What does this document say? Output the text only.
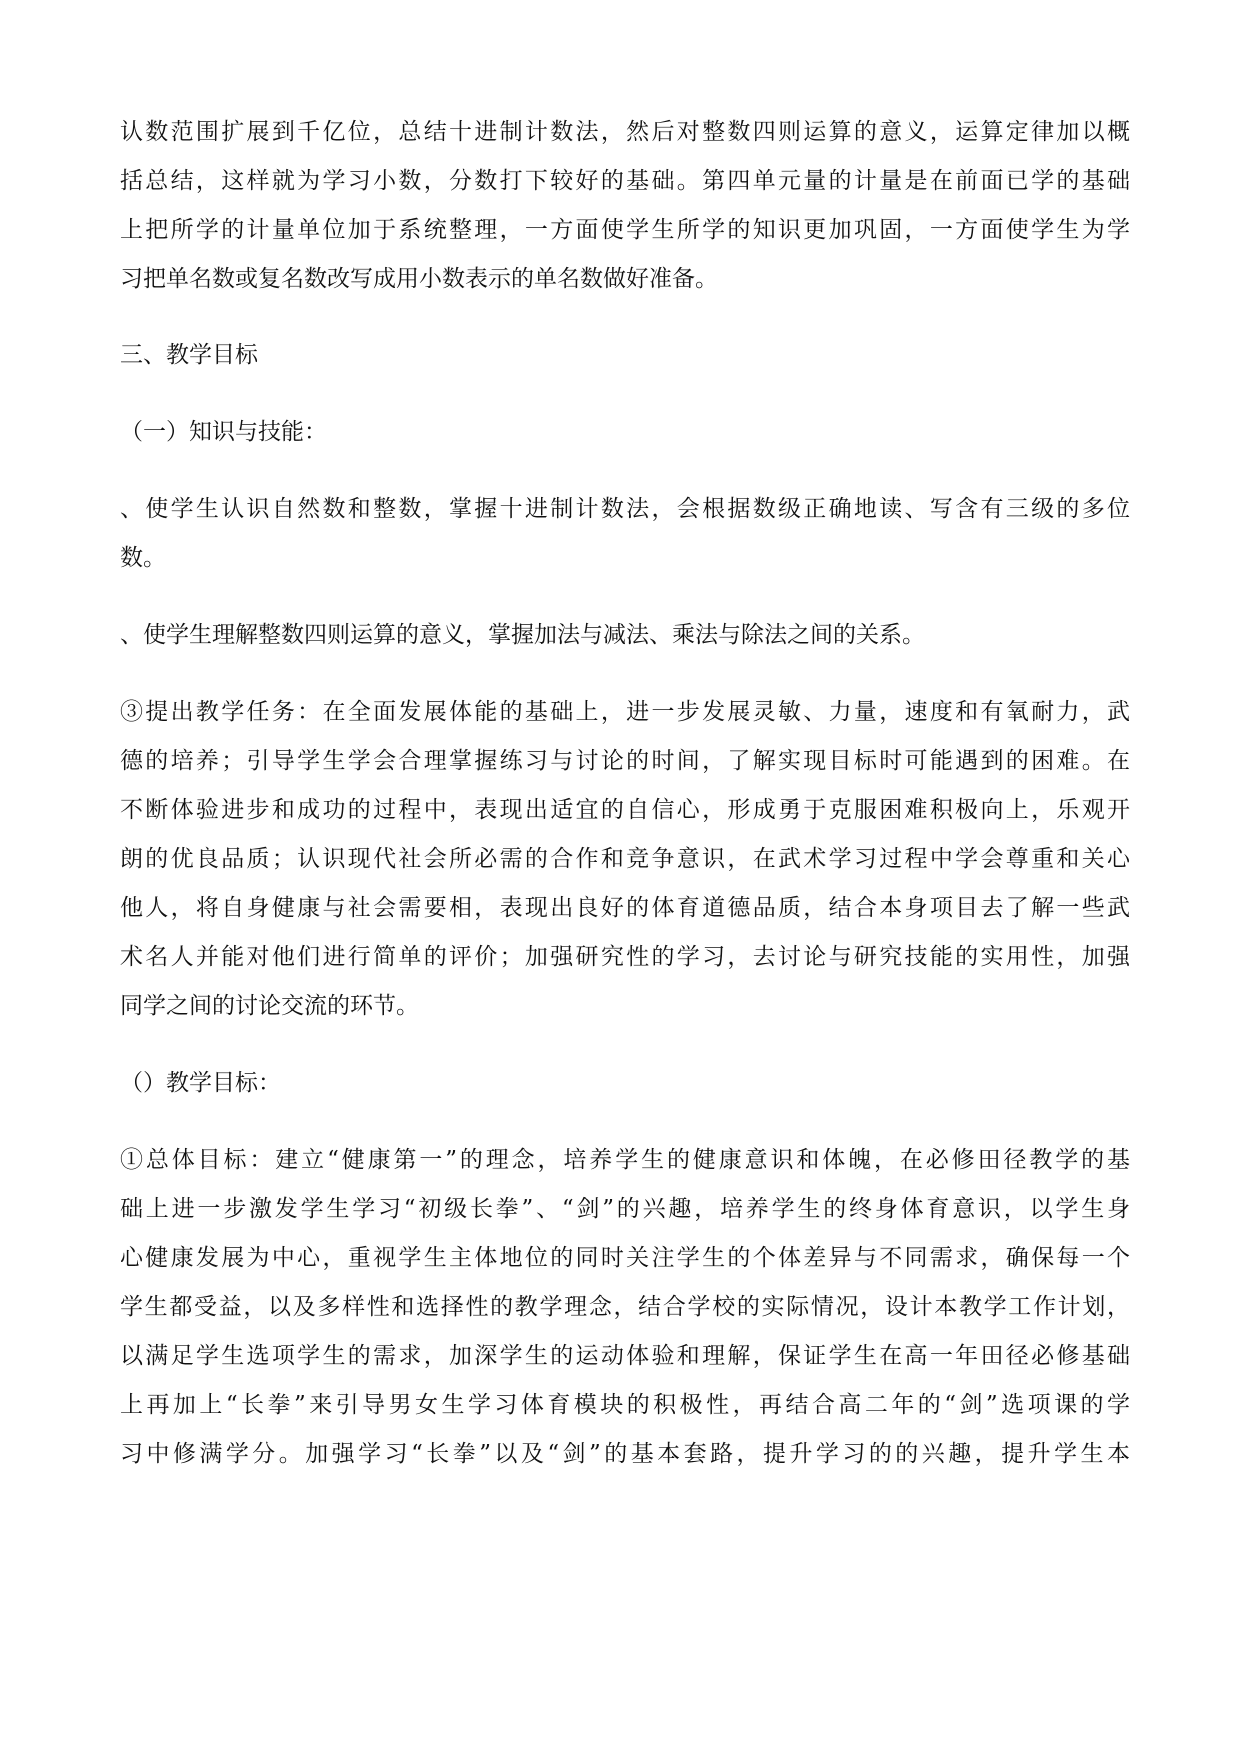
认数范围扩展到千亿位，总结十进制计数法，然后对整数四则运算的意义，运算定律加以概
括总结，这样就为学习小数，分数打下较好的基础。第四单元量的计量是在前面已学的基础
上把所学的计量单位加于系统整理，一方面使学生所学的知识更加巩固，一方面使学生为学
习把单名数或复名数改写成用小数表示的单名数做好准备。
三、教学目标
（一）知识与技能：
、使学生认识自然数和整数，掌握十进制计数法，会根据数级正确地读、写含有三级的多位
数。
、使学生理解整数四则运算的意义，掌握加法与减法、乘法与除法之间的关系。
③提出教学任务：在全面发展体能的基础上，进一步发展灵敏、力量，速度和有氧耐力，武
德的培养；引导学生学会合理掌握练习与讨论的时间，了解实现目标时可能遇到的困难。在
不断体验进步和成功的过程中，表现出适宜的自信心，形成勇于克服困难积极向上，乐观开
朗的优良品质；认识现代社会所必需的合作和竞争意识，在武术学习过程中学会尊重和关心
他人，将自身健康与社会需要相，表现出良好的体育道德品质，结合本身项目去了解一些武
术名人并能对他们进行简单的评价；加强研究性的学习，去讨论与研究技能的实用性，加强
同学之间的讨论交流的环节。
（）教学目标：
①总体目标：建立“健康第一”的理念，培养学生的健康意识和体魄，在必修田径教学的基
础上进一步激发学生学习“初级长拳”、“剑”的兴趣，培养学生的终身体育意识，以学生身
心健康发展为中心，重视学生主体地位的同时关注学生的个体差异与不同需求，确保每一个
学生都受益，以及多样性和选择性的教学理念，结合学校的实际情况，设计本教学工作计划，
以满足学生选项学生的需求，加深学生的运动体验和理解，保证学生在高一年田径必修基础
上再加上“长拳”来引导男女生学习体育模块的积极性，再结合高二年的“剑”选项课的学
习中修满学分。加强学习“长拳”以及“剑”的基本套路，提升学习的的兴趣，提升学生本
